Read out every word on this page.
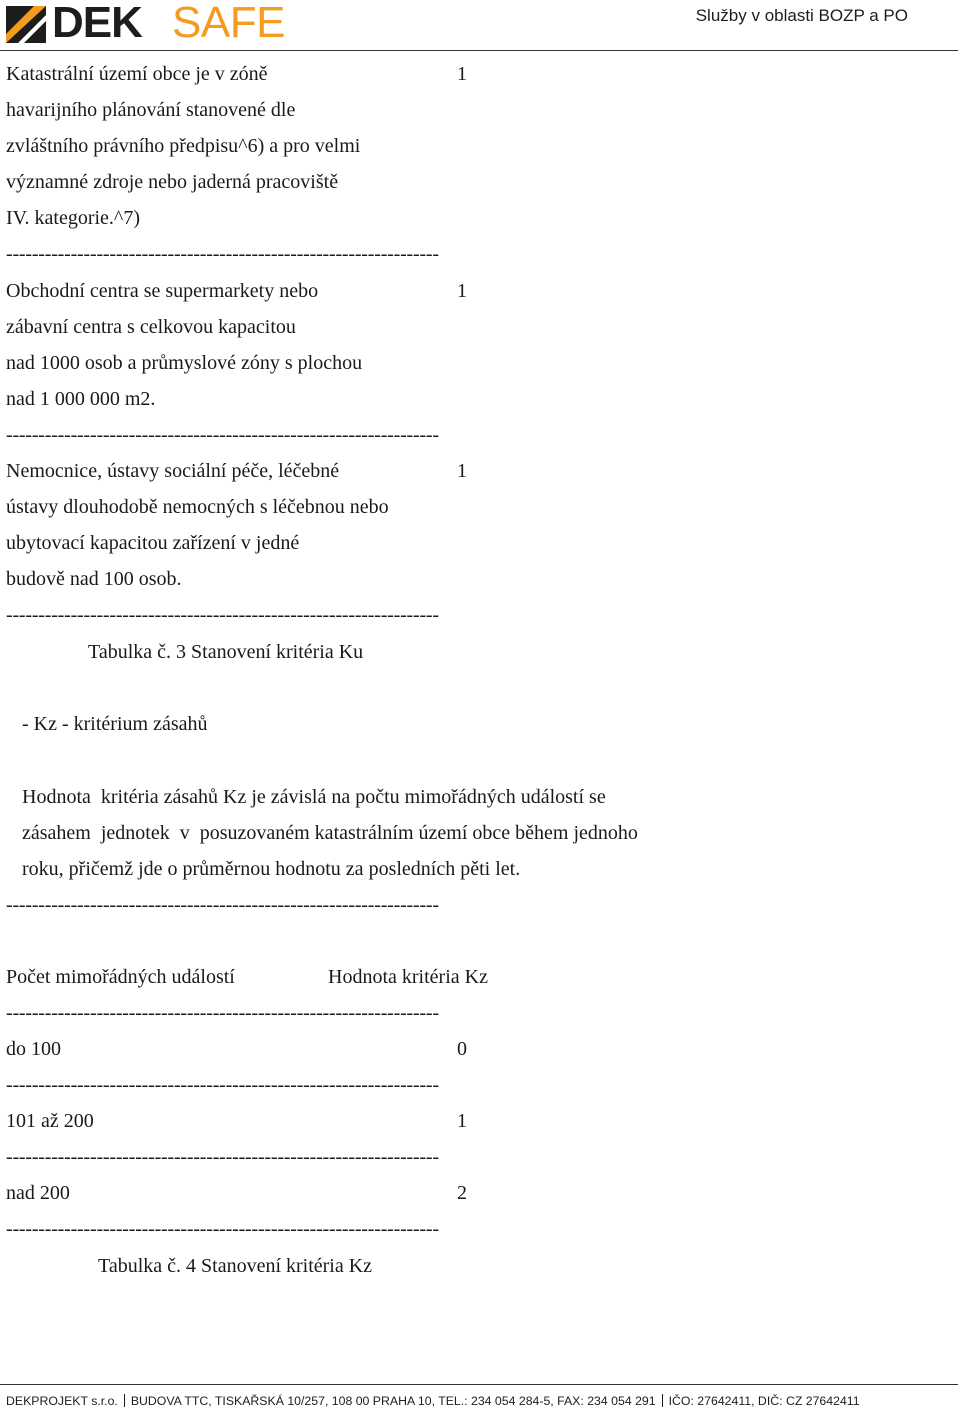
DEK SAFE	Služby v oblasti BOZP a PO
Katastrální území obce je v zóně	1
havarijního plánování stanovené dle
zvláštního právního předpisu^6) a pro velmi
významné zdroje nebo jaderná pracoviště
IV. kategorie.^7)
-------------------------------------------------------------------
Obchodní centra se supermarkety nebo	1
zábavní centra s celkovou kapacitou
nad 1000 osob a průmyslové zóny s plochou
nad 1 000 000 m2.
-------------------------------------------------------------------
Nemocnice, ústavy sociální péče, léčebné	1
ústavy dlouhodobě nemocných s léčebnou nebo
ubytovací kapacitou zařízení v jedné
budově nad 100 osob.
-------------------------------------------------------------------
Tabulka č. 3 Stanovení kritéria Ku
- Kz - kritérium zásahů
Hodnota  kritéria zásahů Kz je závislá na počtu mimořádných událostí se
zásahem  jednotek  v  posuzovaném katastrálním území obce během jednoho
roku, přičemž jde o průměrnou hodnotu za posledních pěti let.
-------------------------------------------------------------------
Počet mimořádných událostí	Hodnota kritéria Kz
-------------------------------------------------------------------
do 100	0
-------------------------------------------------------------------
101 až 200	1
-------------------------------------------------------------------
nad 200	2
-------------------------------------------------------------------
Tabulka č. 4 Stanovení kritéria Kz
DEKPROJEKT s.r.o. BUDOVA TTC, TISKAŘSKÁ 10/257, 108 00 PRAHA 10, TEL.: 234 054 284-5, FAX: 234 054 291 IČO: 27642411, DIČ: CZ 27642411
